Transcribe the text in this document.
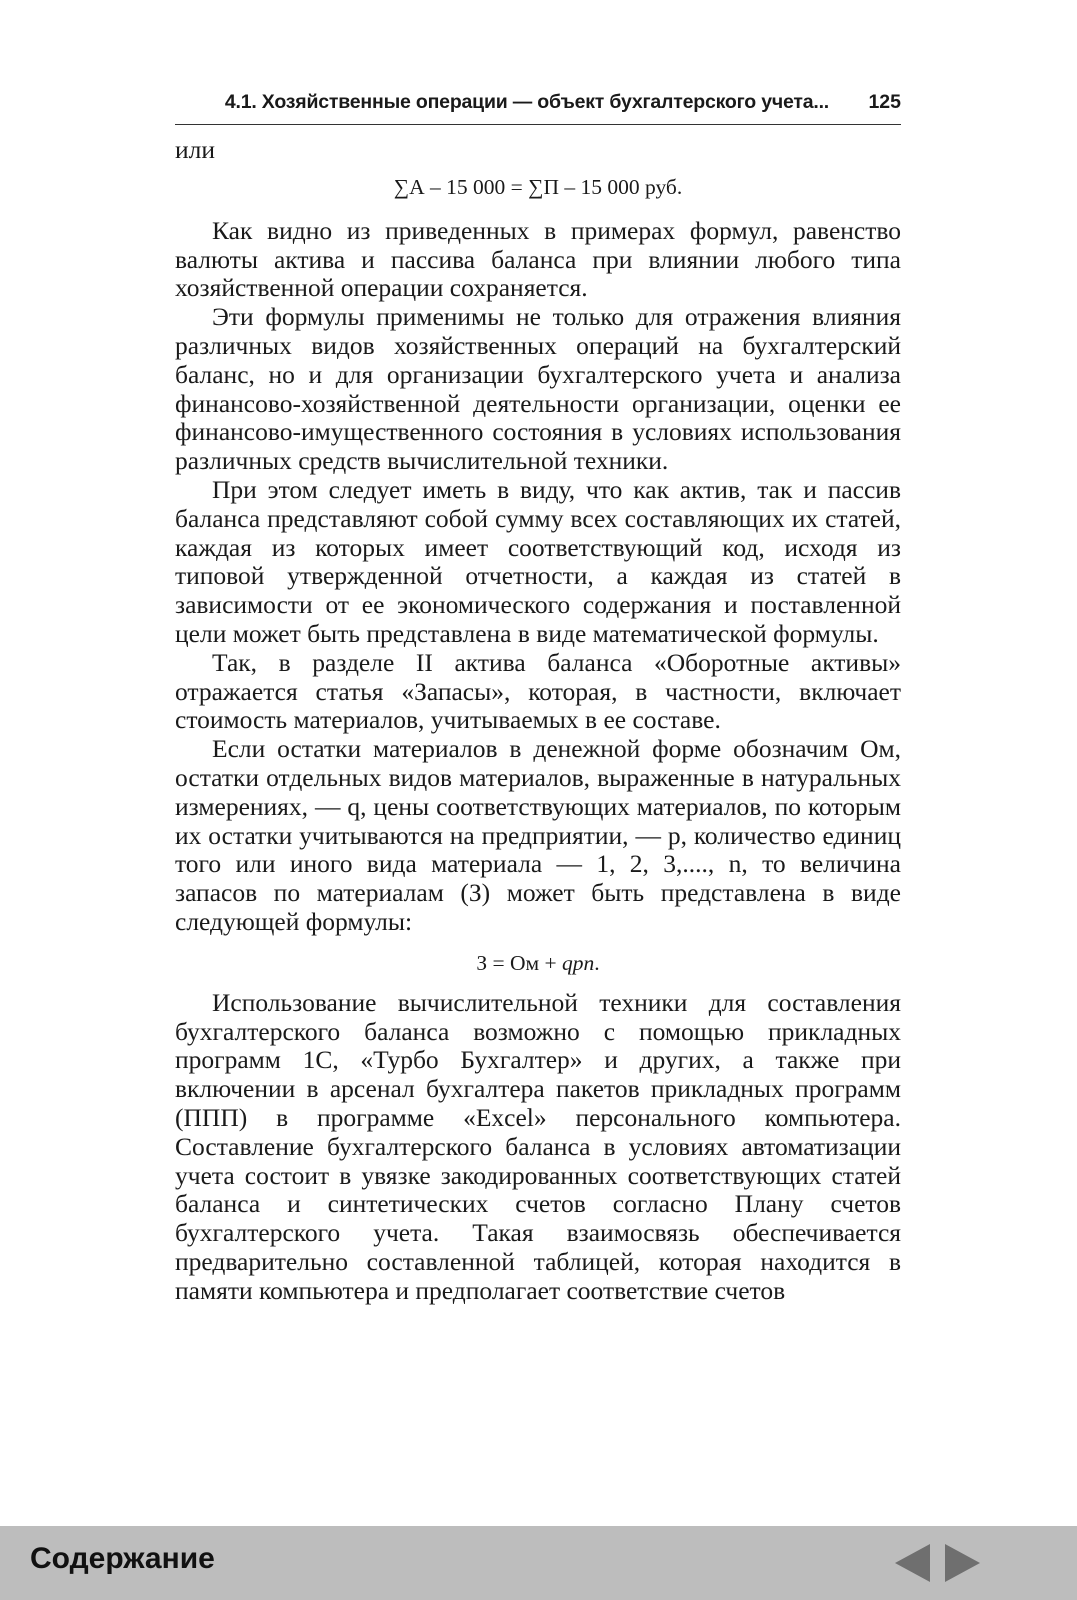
4.1. Хозяйственные операции — объект бухгалтерского учета... 125

или

∑А – 15 000 = ∑П – 15 000 руб.

Как видно из приведенных в примерах формул, равенство валюты актива и пассива баланса при влиянии любого типа хозяйственной операции сохраняется.

Эти формулы применимы не только для отражения влияния различных видов хозяйственных операций на бухгалтерский баланс, но и для организации бухгалтерского учета и анализа финансово-хозяйственной деятельности организации, оценки ее финансово-имущественного состояния в условиях использования различных средств вычислительной техники.

При этом следует иметь в виду, что как актив, так и пассив баланса представляют собой сумму всех составляющих их статей, каждая из которых имеет соответствующий код, исходя из типовой утвержденной отчетности, а каждая из статей в зависимости от ее экономического содержания и поставленной цели может быть представлена в виде математической формулы.

Так, в разделе II актива баланса «Оборотные активы» отражается статья «Запасы», которая, в частности, включает стоимость материалов, учитываемых в ее составе.

Если остатки материалов в денежной форме обозначим Ом, остатки отдельных видов материалов, выраженные в натуральных измерениях, — q, цены соответствующих материалов, по которым их остатки учитываются на предприятии, — p, количество единиц того или иного вида материала — 1, 2, 3,...., n, то величина запасов по материалам (З) может быть представлена в виде следующей формулы:

З = Ом + qpn.

Использование вычислительной техники для составления бухгалтерского баланса возможно с помощью прикладных программ 1С, «Турбо Бухгалтер» и других, а также при включении в арсенал бухгалтера пакетов прикладных программ (ППП) в программе «Excel» персонального компьютера. Составление бухгалтерского баланса в условиях автоматизации учета состоит в увязке закодированных соответствующих статей баланса и синтетических счетов согласно Плану счетов бухгалтерского учета. Такая взаимосвязь обеспечивается предварительно составленной таблицей, которая находится в памяти компьютера и предполагает соответствие счетов

Содержание
